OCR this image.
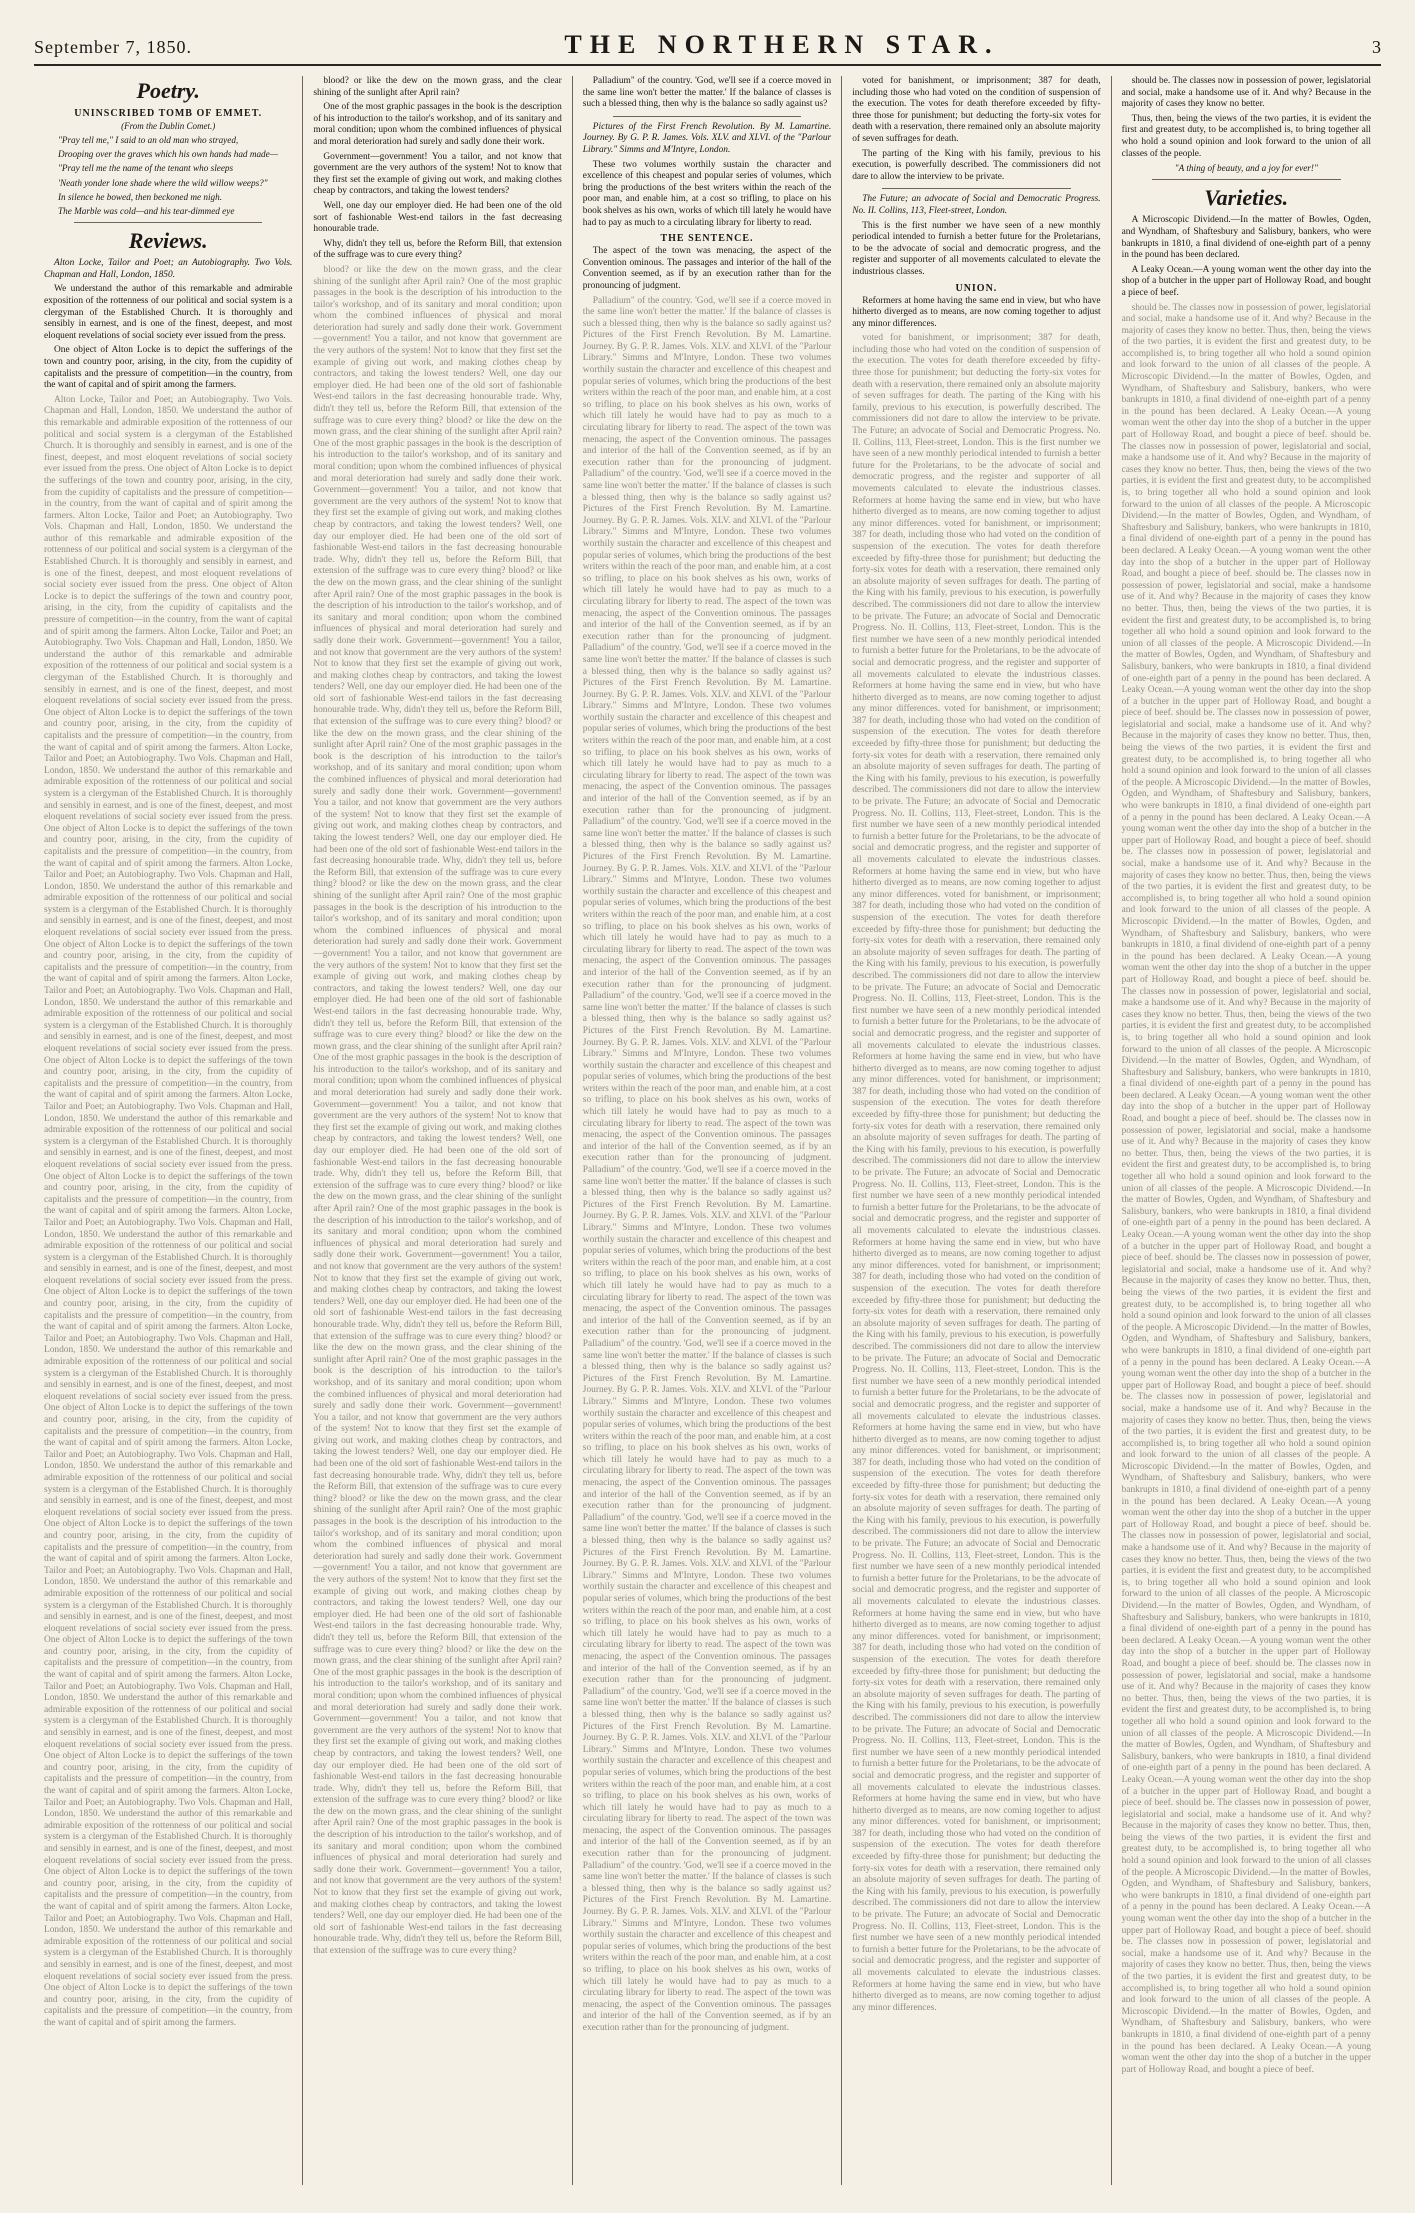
September 7, 1850.	THE NORTHERN STAR.	3
Poetry.
UNINSCRIBED TOMB OF EMMET.
(From the Dublin Comet.)

"Pray tell me," I said to an old man who strayed,

Drooping over the graves which his own hands had made—

"Pray tell me the name of the tenant who sleeps

'Neath yonder lone shade where the wild willow weeps?"

In silence he bowed, then beckoned me nigh.

The Marble was cold—and his tear-dimmed eye

Reviews.

Alton Locke, Tailor and Poet; an Autobiography. Two Vols. Chapman and Hall, London, 1850.

We understand the author of this remarkable and admirable exposition of the rottenness of our political and social system is a clergyman of the Established Church. It is thoroughly and sensibly in earnest, and is one of the finest, deepest, and most eloquent revelations of social society ever issued from the press.

One object of Alton Locke is to depict the sufferings of the town and country poor, arising, in the city, from the cupidity of capitalists and the pressure of competition—in the country, from the want of capital and of spirit among the farmers.

Alton Locke, Tailor and Poet; an Autobiography. Two Vols. Chapman and Hall, London, 1850. We understand the author of this remarkable and admirable exposition of the rottenness of our political and social system is a clergyman of the Established Church. It is thoroughly and sensibly in earnest, and is one of the finest, deepest, and most eloquent revelations of social society ever issued from the press. One object of Alton Locke is to depict the sufferings of the town and country poor, arising, in the city, from the cupidity of capitalists and the pressure of competition—in the country, from the want of capital and of spirit among the farmers. Alton Locke, Tailor and Poet; an Autobiography. Two Vols. Chapman and Hall, London, 1850. We understand the author of this remarkable and admirable exposition of the rottenness of our political and social system is a clergyman of the Established Church. It is thoroughly and sensibly in earnest, and is one of the finest, deepest, and most eloquent revelations of social society ever issued from the press. One object of Alton Locke is to depict the sufferings of the town and country poor, arising, in the city, from the cupidity of capitalists and the pressure of competition—in the country, from the want of capital and of spirit among the farmers. Alton Locke, Tailor and Poet; an Autobiography. Two Vols. Chapman and Hall, London, 1850. We understand the author of this remarkable and admirable exposition of the rottenness of our political and social system is a clergyman of the Established Church. It is thoroughly and sensibly in earnest, and is one of the finest, deepest, and most eloquent revelations of social society ever issued from the press. One object of Alton Locke is to depict the sufferings of the town and country poor, arising, in the city, from the cupidity of capitalists and the pressure of competition—in the country, from the want of capital and of spirit among the farmers. Alton Locke, Tailor and Poet; an Autobiography. Two Vols. Chapman and Hall, London, 1850. We understand the author of this remarkable and admirable exposition of the rottenness of our political and social system is a clergyman of the Established Church. It is thoroughly and sensibly in earnest, and is one of the finest, deepest, and most eloquent revelations of social society ever issued from the press. One object of Alton Locke is to depict the sufferings of the town and country poor, arising, in the city, from the cupidity of capitalists and the pressure of competition—in the country, from the want of capital and of spirit among the farmers. Alton Locke, Tailor and Poet; an Autobiography. Two Vols. Chapman and Hall, London, 1850. We understand the author of this remarkable and admirable exposition of the rottenness of our political and social system is a clergyman of the Established Church. It is thoroughly and sensibly in earnest, and is one of the finest, deepest, and most eloquent revelations of social society ever issued from the press. One object of Alton Locke is to depict the sufferings of the town and country poor, arising, in the city, from the cupidity of capitalists and the pressure of competition—in the country, from the want of capital and of spirit among the farmers. Alton Locke, Tailor and Poet; an Autobiography. Two Vols. Chapman and Hall, London, 1850. We understand the author of this remarkable and admirable exposition of the rottenness of our political and social system is a clergyman of the Established Church. It is thoroughly and sensibly in earnest, and is one of the finest, deepest, and most eloquent revelations of social society ever issued from the press. One object of Alton Locke is to depict the sufferings of the town and country poor, arising, in the city, from the cupidity of capitalists and the pressure of competition—in the country, from the want of capital and of spirit among the farmers. Alton Locke, Tailor and Poet; an Autobiography. Two Vols. Chapman and Hall, London, 1850. We understand the author of this remarkable and admirable exposition of the rottenness of our political and social system is a clergyman of the Established Church. It is thoroughly and sensibly in earnest, and is one of the finest, deepest, and most eloquent revelations of social society ever issued from the press. One object of Alton Locke is to depict the sufferings of the town and country poor, arising, in the city, from the cupidity of capitalists and the pressure of competition—in the country, from the want of capital and of spirit among the farmers. Alton Locke, Tailor and Poet; an Autobiography. Two Vols. Chapman and Hall, London, 1850. We understand the author of this remarkable and admirable exposition of the rottenness of our political and social system is a clergyman of the Established Church. It is thoroughly and sensibly in earnest, and is one of the finest, deepest, and most eloquent revelations of social society ever issued from the press. One object of Alton Locke is to depict the sufferings of the town and country poor, arising, in the city, from the cupidity of capitalists and the pressure of competition—in the country, from the want of capital and of spirit among the farmers. Alton Locke, Tailor and Poet; an Autobiography. Two Vols. Chapman and Hall, London, 1850. We understand the author of this remarkable and admirable exposition of the rottenness of our political and social system is a clergyman of the Established Church. It is thoroughly and sensibly in earnest, and is one of the finest, deepest, and most eloquent revelations of social society ever issued from the press. One object of Alton Locke is to depict the sufferings of the town and country poor, arising, in the city, from the cupidity of capitalists and the pressure of competition—in the country, from the want of capital and of spirit among the farmers. Alton Locke, Tailor and Poet; an Autobiography. Two Vols. Chapman and Hall, London, 1850. We understand the author of this remarkable and admirable exposition of the rottenness of our political and social system is a clergyman of the Established Church. It is thoroughly and sensibly in earnest, and is one of the finest, deepest, and most eloquent revelations of social society ever issued from the press. One object of Alton Locke is to depict the sufferings of the town and country poor, arising, in the city, from the cupidity of capitalists and the pressure of competition—in the country, from the want of capital and of spirit among the farmers. Alton Locke, Tailor and Poet; an Autobiography. Two Vols. Chapman and Hall, London, 1850. We understand the author of this remarkable and admirable exposition of the rottenness of our political and social system is a clergyman of the Established Church. It is thoroughly and sensibly in earnest, and is one of the finest, deepest, and most eloquent revelations of social society ever issued from the press. One object of Alton Locke is to depict the sufferings of the town and country poor, arising, in the city, from the cupidity of capitalists and the pressure of competition—in the country, from the want of capital and of spirit among the farmers. Alton Locke, Tailor and Poet; an Autobiography. Two Vols. Chapman and Hall, London, 1850. We understand the author of this remarkable and admirable exposition of the rottenness of our political and social system is a clergyman of the Established Church. It is thoroughly and sensibly in earnest, and is one of the finest, deepest, and most eloquent revelations of social society ever issued from the press. One object of Alton Locke is to depict the sufferings of the town and country poor, arising, in the city, from the cupidity of capitalists and the pressure of competition—in the country, from the want of capital and of spirit among the farmers. Alton Locke, Tailor and Poet; an Autobiography. Two Vols. Chapman and Hall, London, 1850. We understand the author of this remarkable and admirable exposition of the rottenness of our political and social system is a clergyman of the Established Church. It is thoroughly and sensibly in earnest, and is one of the finest, deepest, and most eloquent revelations of social society ever issued from the press. One object of Alton Locke is to depict the sufferings of the town and country poor, arising, in the city, from the cupidity of capitalists and the pressure of competition—in the country, from the want of capital and of spirit among the farmers. Alton Locke, Tailor and Poet; an Autobiography. Two Vols. Chapman and Hall, London, 1850. We understand the author of this remarkable and admirable exposition of the rottenness of our political and social system is a clergyman of the Established Church. It is thoroughly and sensibly in earnest, and is one of the finest, deepest, and most eloquent revelations of social society ever issued from the press. One object of Alton Locke is to depict the sufferings of the town and country poor, arising, in the city, from the cupidity of capitalists and the pressure of competition—in the country, from the want of capital and of spirit among the farmers.

blood? or like the dew on the mown grass, and the clear shining of the sunlight after April rain?

One of the most graphic passages in the book is the description of his introduction to the tailor's workshop, and of its sanitary and moral condition; upon whom the combined influences of physical and moral deterioration had surely and sadly done their work.

Government—government! You a tailor, and not know that government are the very authors of the system! Not to know that they first set the example of giving out work, and making clothes cheap by contractors, and taking the lowest tenders?

Well, one day our employer died. He had been one of the old sort of fashionable West-end tailors in the fast decreasing honourable trade.

Why, didn't they tell us, before the Reform Bill, that extension of the suffrage was to cure every thing?

blood? or like the dew on the mown grass, and the clear shining of the sunlight after April rain? One of the most graphic passages in the book is the description of his introduction to the tailor's workshop, and of its sanitary and moral condition; upon whom the combined influences of physical and moral deterioration had surely and sadly done their work. Government—government! You a tailor, and not know that government are the very authors of the system! Not to know that they first set the example of giving out work, and making clothes cheap by contractors, and taking the lowest tenders? Well, one day our employer died. He had been one of the old sort of fashionable West-end tailors in the fast decreasing honourable trade. Why, didn't they tell us, before the Reform Bill, that extension of the suffrage was to cure every thing? blood? or like the dew on the mown grass, and the clear shining of the sunlight after April rain? One of the most graphic passages in the book is the description of his introduction to the tailor's workshop, and of its sanitary and moral condition; upon whom the combined influences of physical and moral deterioration had surely and sadly done their work. Government—government! You a tailor, and not know that government are the very authors of the system! Not to know that they first set the example of giving out work, and making clothes cheap by contractors, and taking the lowest tenders? Well, one day our employer died. He had been one of the old sort of fashionable West-end tailors in the fast decreasing honourable trade. Why, didn't they tell us, before the Reform Bill, that extension of the suffrage was to cure every thing? blood? or like the dew on the mown grass, and the clear shining of the sunlight after April rain? One of the most graphic passages in the book is the description of his introduction to the tailor's workshop, and of its sanitary and moral condition; upon whom the combined influences of physical and moral deterioration had surely and sadly done their work. Government—government! You a tailor, and not know that government are the very authors of the system! Not to know that they first set the example of giving out work, and making clothes cheap by contractors, and taking the lowest tenders? Well, one day our employer died. He had been one of the old sort of fashionable West-end tailors in the fast decreasing honourable trade. Why, didn't they tell us, before the Reform Bill, that extension of the suffrage was to cure every thing? blood? or like the dew on the mown grass, and the clear shining of the sunlight after April rain? One of the most graphic passages in the book is the description of his introduction to the tailor's workshop, and of its sanitary and moral condition; upon whom the combined influences of physical and moral deterioration had surely and sadly done their work. Government—government! You a tailor, and not know that government are the very authors of the system! Not to know that they first set the example of giving out work, and making clothes cheap by contractors, and taking the lowest tenders? Well, one day our employer died. He had been one of the old sort of fashionable West-end tailors in the fast decreasing honourable trade. Why, didn't they tell us, before the Reform Bill, that extension of the suffrage was to cure every thing? blood? or like the dew on the mown grass, and the clear shining of the sunlight after April rain? One of the most graphic passages in the book is the description of his introduction to the tailor's workshop, and of its sanitary and moral condition; upon whom the combined influences of physical and moral deterioration had surely and sadly done their work. Government—government! You a tailor, and not know that government are the very authors of the system! Not to know that they first set the example of giving out work, and making clothes cheap by contractors, and taking the lowest tenders? Well, one day our employer died. He had been one of the old sort of fashionable West-end tailors in the fast decreasing honourable trade. Why, didn't they tell us, before the Reform Bill, that extension of the suffrage was to cure every thing? blood? or like the dew on the mown grass, and the clear shining of the sunlight after April rain? One of the most graphic passages in the book is the description of his introduction to the tailor's workshop, and of its sanitary and moral condition; upon whom the combined influences of physical and moral deterioration had surely and sadly done their work. Government—government! You a tailor, and not know that government are the very authors of the system! Not to know that they first set the example of giving out work, and making clothes cheap by contractors, and taking the lowest tenders? Well, one day our employer died. He had been one of the old sort of fashionable West-end tailors in the fast decreasing honourable trade. Why, didn't they tell us, before the Reform Bill, that extension of the suffrage was to cure every thing? blood? or like the dew on the mown grass, and the clear shining of the sunlight after April rain? One of the most graphic passages in the book is the description of his introduction to the tailor's workshop, and of its sanitary and moral condition; upon whom the combined influences of physical and moral deterioration had surely and sadly done their work. Government—government! You a tailor, and not know that government are the very authors of the system! Not to know that they first set the example of giving out work, and making clothes cheap by contractors, and taking the lowest tenders? Well, one day our employer died. He had been one of the old sort of fashionable West-end tailors in the fast decreasing honourable trade. Why, didn't they tell us, before the Reform Bill, that extension of the suffrage was to cure every thing? blood? or like the dew on the mown grass, and the clear shining of the sunlight after April rain? One of the most graphic passages in the book is the description of his introduction to the tailor's workshop, and of its sanitary and moral condition; upon whom the combined influences of physical and moral deterioration had surely and sadly done their work. Government—government! You a tailor, and not know that government are the very authors of the system! Not to know that they first set the example of giving out work, and making clothes cheap by contractors, and taking the lowest tenders? Well, one day our employer died. He had been one of the old sort of fashionable West-end tailors in the fast decreasing honourable trade. Why, didn't they tell us, before the Reform Bill, that extension of the suffrage was to cure every thing? blood? or like the dew on the mown grass, and the clear shining of the sunlight after April rain? One of the most graphic passages in the book is the description of his introduction to the tailor's workshop, and of its sanitary and moral condition; upon whom the combined influences of physical and moral deterioration had surely and sadly done their work. Government—government! You a tailor, and not know that government are the very authors of the system! Not to know that they first set the example of giving out work, and making clothes cheap by contractors, and taking the lowest tenders? Well, one day our employer died. He had been one of the old sort of fashionable West-end tailors in the fast decreasing honourable trade. Why, didn't they tell us, before the Reform Bill, that extension of the suffrage was to cure every thing? blood? or like the dew on the mown grass, and the clear shining of the sunlight after April rain? One of the most graphic passages in the book is the description of his introduction to the tailor's workshop, and of its sanitary and moral condition; upon whom the combined influences of physical and moral deterioration had surely and sadly done their work. Government—government! You a tailor, and not know that government are the very authors of the system! Not to know that they first set the example of giving out work, and making clothes cheap by contractors, and taking the lowest tenders? Well, one day our employer died. He had been one of the old sort of fashionable West-end tailors in the fast decreasing honourable trade. Why, didn't they tell us, before the Reform Bill, that extension of the suffrage was to cure every thing? blood? or like the dew on the mown grass, and the clear shining of the sunlight after April rain? One of the most graphic passages in the book is the description of his introduction to the tailor's workshop, and of its sanitary and moral condition; upon whom the combined influences of physical and moral deterioration had surely and sadly done their work. Government—government! You a tailor, and not know that government are the very authors of the system! Not to know that they first set the example of giving out work, and making clothes cheap by contractors, and taking the lowest tenders? Well, one day our employer died. He had been one of the old sort of fashionable West-end tailors in the fast decreasing honourable trade. Why, didn't they tell us, before the Reform Bill, that extension of the suffrage was to cure every thing?

Palladium" of the country. 'God, we'll see if a coerce moved in the same line won't better the matter.' If the balance of classes is such a blessed thing, then why is the balance so sadly against us?

Pictures of the First French Revolution. By M. Lamartine. Journey. By G. P. R. James. Vols. XLV. and XLVI. of the "Parlour Library." Simms and M'Intyre, London.

These two volumes worthily sustain the character and excellence of this cheapest and popular series of volumes, which bring the productions of the best writers within the reach of the poor man, and enable him, at a cost so trifling, to place on his book shelves as his own, works of which till lately he would have had to pay as much to a circulating library for liberty to read.

THE SENTENCE.

The aspect of the town was menacing, the aspect of the Convention ominous. The passages and interior of the hall of the Convention seemed, as if by an execution rather than for the pronouncing of judgment.

Palladium" of the country. 'God, we'll see if a coerce moved in the same line won't better the matter.' If the balance of classes is such a blessed thing, then why is the balance so sadly against us? Pictures of the First French Revolution. By M. Lamartine. Journey. By G. P. R. James. Vols. XLV. and XLVI. of the "Parlour Library." Simms and M'Intyre, London. These two volumes worthily sustain the character and excellence of this cheapest and popular series of volumes, which bring the productions of the best writers within the reach of the poor man, and enable him, at a cost so trifling, to place on his book shelves as his own, works of which till lately he would have had to pay as much to a circulating library for liberty to read. The aspect of the town was menacing, the aspect of the Convention ominous. The passages and interior of the hall of the Convention seemed, as if by an execution rather than for the pronouncing of judgment. Palladium" of the country. 'God, we'll see if a coerce moved in the same line won't better the matter.' If the balance of classes is such a blessed thing, then why is the balance so sadly against us? Pictures of the First French Revolution. By M. Lamartine. Journey. By G. P. R. James. Vols. XLV. and XLVI. of the "Parlour Library." Simms and M'Intyre, London. These two volumes worthily sustain the character and excellence of this cheapest and popular series of volumes, which bring the productions of the best writers within the reach of the poor man, and enable him, at a cost so trifling, to place on his book shelves as his own, works of which till lately he would have had to pay as much to a circulating library for liberty to read. The aspect of the town was menacing, the aspect of the Convention ominous. The passages and interior of the hall of the Convention seemed, as if by an execution rather than for the pronouncing of judgment. Palladium" of the country. 'God, we'll see if a coerce moved in the same line won't better the matter.' If the balance of classes is such a blessed thing, then why is the balance so sadly against us? Pictures of the First French Revolution. By M. Lamartine. Journey. By G. P. R. James. Vols. XLV. and XLVI. of the "Parlour Library." Simms and M'Intyre, London. These two volumes worthily sustain the character and excellence of this cheapest and popular series of volumes, which bring the productions of the best writers within the reach of the poor man, and enable him, at a cost so trifling, to place on his book shelves as his own, works of which till lately he would have had to pay as much to a circulating library for liberty to read. The aspect of the town was menacing, the aspect of the Convention ominous. The passages and interior of the hall of the Convention seemed, as if by an execution rather than for the pronouncing of judgment. Palladium" of the country. 'God, we'll see if a coerce moved in the same line won't better the matter.' If the balance of classes is such a blessed thing, then why is the balance so sadly against us? Pictures of the First French Revolution. By M. Lamartine. Journey. By G. P. R. James. Vols. XLV. and XLVI. of the "Parlour Library." Simms and M'Intyre, London. These two volumes worthily sustain the character and excellence of this cheapest and popular series of volumes, which bring the productions of the best writers within the reach of the poor man, and enable him, at a cost so trifling, to place on his book shelves as his own, works of which till lately he would have had to pay as much to a circulating library for liberty to read. The aspect of the town was menacing, the aspect of the Convention ominous. The passages and interior of the hall of the Convention seemed, as if by an execution rather than for the pronouncing of judgment. Palladium" of the country. 'God, we'll see if a coerce moved in the same line won't better the matter.' If the balance of classes is such a blessed thing, then why is the balance so sadly against us? Pictures of the First French Revolution. By M. Lamartine. Journey. By G. P. R. James. Vols. XLV. and XLVI. of the "Parlour Library." Simms and M'Intyre, London. These two volumes worthily sustain the character and excellence of this cheapest and popular series of volumes, which bring the productions of the best writers within the reach of the poor man, and enable him, at a cost so trifling, to place on his book shelves as his own, works of which till lately he would have had to pay as much to a circulating library for liberty to read. The aspect of the town was menacing, the aspect of the Convention ominous. The passages and interior of the hall of the Convention seemed, as if by an execution rather than for the pronouncing of judgment. Palladium" of the country. 'God, we'll see if a coerce moved in the same line won't better the matter.' If the balance of classes is such a blessed thing, then why is the balance so sadly against us? Pictures of the First French Revolution. By M. Lamartine. Journey. By G. P. R. James. Vols. XLV. and XLVI. of the "Parlour Library." Simms and M'Intyre, London. These two volumes worthily sustain the character and excellence of this cheapest and popular series of volumes, which bring the productions of the best writers within the reach of the poor man, and enable him, at a cost so trifling, to place on his book shelves as his own, works of which till lately he would have had to pay as much to a circulating library for liberty to read. The aspect of the town was menacing, the aspect of the Convention ominous. The passages and interior of the hall of the Convention seemed, as if by an execution rather than for the pronouncing of judgment. Palladium" of the country. 'God, we'll see if a coerce moved in the same line won't better the matter.' If the balance of classes is such a blessed thing, then why is the balance so sadly against us? Pictures of the First French Revolution. By M. Lamartine. Journey. By G. P. R. James. Vols. XLV. and XLVI. of the "Parlour Library." Simms and M'Intyre, London. These two volumes worthily sustain the character and excellence of this cheapest and popular series of volumes, which bring the productions of the best writers within the reach of the poor man, and enable him, at a cost so trifling, to place on his book shelves as his own, works of which till lately he would have had to pay as much to a circulating library for liberty to read. The aspect of the town was menacing, the aspect of the Convention ominous. The passages and interior of the hall of the Convention seemed, as if by an execution rather than for the pronouncing of judgment. Palladium" of the country. 'God, we'll see if a coerce moved in the same line won't better the matter.' If the balance of classes is such a blessed thing, then why is the balance so sadly against us? Pictures of the First French Revolution. By M. Lamartine. Journey. By G. P. R. James. Vols. XLV. and XLVI. of the "Parlour Library." Simms and M'Intyre, London. These two volumes worthily sustain the character and excellence of this cheapest and popular series of volumes, which bring the productions of the best writers within the reach of the poor man, and enable him, at a cost so trifling, to place on his book shelves as his own, works of which till lately he would have had to pay as much to a circulating library for liberty to read. The aspect of the town was menacing, the aspect of the Convention ominous. The passages and interior of the hall of the Convention seemed, as if by an execution rather than for the pronouncing of judgment. Palladium" of the country. 'God, we'll see if a coerce moved in the same line won't better the matter.' If the balance of classes is such a blessed thing, then why is the balance so sadly against us? Pictures of the First French Revolution. By M. Lamartine. Journey. By G. P. R. James. Vols. XLV. and XLVI. of the "Parlour Library." Simms and M'Intyre, London. These two volumes worthily sustain the character and excellence of this cheapest and popular series of volumes, which bring the productions of the best writers within the reach of the poor man, and enable him, at a cost so trifling, to place on his book shelves as his own, works of which till lately he would have had to pay as much to a circulating library for liberty to read. The aspect of the town was menacing, the aspect of the Convention ominous. The passages and interior of the hall of the Convention seemed, as if by an execution rather than for the pronouncing of judgment. Palladium" of the country. 'God, we'll see if a coerce moved in the same line won't better the matter.' If the balance of classes is such a blessed thing, then why is the balance so sadly against us? Pictures of the First French Revolution. By M. Lamartine. Journey. By G. P. R. James. Vols. XLV. and XLVI. of the "Parlour Library." Simms and M'Intyre, London. These two volumes worthily sustain the character and excellence of this cheapest and popular series of volumes, which bring the productions of the best writers within the reach of the poor man, and enable him, at a cost so trifling, to place on his book shelves as his own, works of which till lately he would have had to pay as much to a circulating library for liberty to read. The aspect of the town was menacing, the aspect of the Convention ominous. The passages and interior of the hall of the Convention seemed, as if by an execution rather than for the pronouncing of judgment.

voted for banishment, or imprisonment; 387 for death, including those who had voted on the condition of suspension of the execution. The votes for death therefore exceeded by fifty-three those for punishment; but deducting the forty-six votes for death with a reservation, there remained only an absolute majority of seven suffrages for death.

The parting of the King with his family, previous to his execution, is powerfully described. The commissioners did not dare to allow the interview to be private.

The Future; an advocate of Social and Democratic Progress. No. II. Collins, 113, Fleet-street, London.

This is the first number we have seen of a new monthly periodical intended to furnish a better future for the Proletarians, to be the advocate of social and democratic progress, and the register and supporter of all movements calculated to elevate the industrious classes.

UNION.

Reformers at home having the same end in view, but who have hitherto diverged as to means, are now coming together to adjust any minor differences.

voted for banishment, or imprisonment; 387 for death, including those who had voted on the condition of suspension of the execution. The votes for death therefore exceeded by fifty-three those for punishment; but deducting the forty-six votes for death with a reservation, there remained only an absolute majority of seven suffrages for death. The parting of the King with his family, previous to his execution, is powerfully described. The commissioners did not dare to allow the interview to be private. The Future; an advocate of Social and Democratic Progress. No. II. Collins, 113, Fleet-street, London. This is the first number we have seen of a new monthly periodical intended to furnish a better future for the Proletarians, to be the advocate of social and democratic progress, and the register and supporter of all movements calculated to elevate the industrious classes. Reformers at home having the same end in view, but who have hitherto diverged as to means, are now coming together to adjust any minor differences. voted for banishment, or imprisonment; 387 for death, including those who had voted on the condition of suspension of the execution. The votes for death therefore exceeded by fifty-three those for punishment; but deducting the forty-six votes for death with a reservation, there remained only an absolute majority of seven suffrages for death. The parting of the King with his family, previous to his execution, is powerfully described. The commissioners did not dare to allow the interview to be private. The Future; an advocate of Social and Democratic Progress. No. II. Collins, 113, Fleet-street, London. This is the first number we have seen of a new monthly periodical intended to furnish a better future for the Proletarians, to be the advocate of social and democratic progress, and the register and supporter of all movements calculated to elevate the industrious classes. Reformers at home having the same end in view, but who have hitherto diverged as to means, are now coming together to adjust any minor differences. voted for banishment, or imprisonment; 387 for death, including those who had voted on the condition of suspension of the execution. The votes for death therefore exceeded by fifty-three those for punishment; but deducting the forty-six votes for death with a reservation, there remained only an absolute majority of seven suffrages for death. The parting of the King with his family, previous to his execution, is powerfully described. The commissioners did not dare to allow the interview to be private. The Future; an advocate of Social and Democratic Progress. No. II. Collins, 113, Fleet-street, London. This is the first number we have seen of a new monthly periodical intended to furnish a better future for the Proletarians, to be the advocate of social and democratic progress, and the register and supporter of all movements calculated to elevate the industrious classes. Reformers at home having the same end in view, but who have hitherto diverged as to means, are now coming together to adjust any minor differences. voted for banishment, or imprisonment; 387 for death, including those who had voted on the condition of suspension of the execution. The votes for death therefore exceeded by fifty-three those for punishment; but deducting the forty-six votes for death with a reservation, there remained only an absolute majority of seven suffrages for death. The parting of the King with his family, previous to his execution, is powerfully described. The commissioners did not dare to allow the interview to be private. The Future; an advocate of Social and Democratic Progress. No. II. Collins, 113, Fleet-street, London. This is the first number we have seen of a new monthly periodical intended to furnish a better future for the Proletarians, to be the advocate of social and democratic progress, and the register and supporter of all movements calculated to elevate the industrious classes. Reformers at home having the same end in view, but who have hitherto diverged as to means, are now coming together to adjust any minor differences. voted for banishment, or imprisonment; 387 for death, including those who had voted on the condition of suspension of the execution. The votes for death therefore exceeded by fifty-three those for punishment; but deducting the forty-six votes for death with a reservation, there remained only an absolute majority of seven suffrages for death. The parting of the King with his family, previous to his execution, is powerfully described. The commissioners did not dare to allow the interview to be private. The Future; an advocate of Social and Democratic Progress. No. II. Collins, 113, Fleet-street, London. This is the first number we have seen of a new monthly periodical intended to furnish a better future for the Proletarians, to be the advocate of social and democratic progress, and the register and supporter of all movements calculated to elevate the industrious classes. Reformers at home having the same end in view, but who have hitherto diverged as to means, are now coming together to adjust any minor differences. voted for banishment, or imprisonment; 387 for death, including those who had voted on the condition of suspension of the execution. The votes for death therefore exceeded by fifty-three those for punishment; but deducting the forty-six votes for death with a reservation, there remained only an absolute majority of seven suffrages for death. The parting of the King with his family, previous to his execution, is powerfully described. The commissioners did not dare to allow the interview to be private. The Future; an advocate of Social and Democratic Progress. No. II. Collins, 113, Fleet-street, London. This is the first number we have seen of a new monthly periodical intended to furnish a better future for the Proletarians, to be the advocate of social and democratic progress, and the register and supporter of all movements calculated to elevate the industrious classes. Reformers at home having the same end in view, but who have hitherto diverged as to means, are now coming together to adjust any minor differences. voted for banishment, or imprisonment; 387 for death, including those who had voted on the condition of suspension of the execution. The votes for death therefore exceeded by fifty-three those for punishment; but deducting the forty-six votes for death with a reservation, there remained only an absolute majority of seven suffrages for death. The parting of the King with his family, previous to his execution, is powerfully described. The commissioners did not dare to allow the interview to be private. The Future; an advocate of Social and Democratic Progress. No. II. Collins, 113, Fleet-street, London. This is the first number we have seen of a new monthly periodical intended to furnish a better future for the Proletarians, to be the advocate of social and democratic progress, and the register and supporter of all movements calculated to elevate the industrious classes. Reformers at home having the same end in view, but who have hitherto diverged as to means, are now coming together to adjust any minor differences. voted for banishment, or imprisonment; 387 for death, including those who had voted on the condition of suspension of the execution. The votes for death therefore exceeded by fifty-three those for punishment; but deducting the forty-six votes for death with a reservation, there remained only an absolute majority of seven suffrages for death. The parting of the King with his family, previous to his execution, is powerfully described. The commissioners did not dare to allow the interview to be private. The Future; an advocate of Social and Democratic Progress. No. II. Collins, 113, Fleet-street, London. This is the first number we have seen of a new monthly periodical intended to furnish a better future for the Proletarians, to be the advocate of social and democratic progress, and the register and supporter of all movements calculated to elevate the industrious classes. Reformers at home having the same end in view, but who have hitherto diverged as to means, are now coming together to adjust any minor differences. voted for banishment, or imprisonment; 387 for death, including those who had voted on the condition of suspension of the execution. The votes for death therefore exceeded by fifty-three those for punishment; but deducting the forty-six votes for death with a reservation, there remained only an absolute majority of seven suffrages for death. The parting of the King with his family, previous to his execution, is powerfully described. The commissioners did not dare to allow the interview to be private. The Future; an advocate of Social and Democratic Progress. No. II. Collins, 113, Fleet-street, London. This is the first number we have seen of a new monthly periodical intended to furnish a better future for the Proletarians, to be the advocate of social and democratic progress, and the register and supporter of all movements calculated to elevate the industrious classes. Reformers at home having the same end in view, but who have hitherto diverged as to means, are now coming together to adjust any minor differences.

should be. The classes now in possession of power, legislatorial and social, make a handsome use of it. And why? Because in the majority of cases they know no better.

Thus, then, being the views of the two parties, it is evident the first and greatest duty, to be accomplished is, to bring together all who hold a sound opinion and look forward to the union of all classes of the people.

"A thing of beauty, and a joy for ever!"

Varieties.

A Microscopic Dividend.—In the matter of Bowles, Ogden, and Wyndham, of Shaftesbury and Salisbury, bankers, who were bankrupts in 1810, a final dividend of one-eighth part of a penny in the pound has been declared.

A Leaky Ocean.—A young woman went the other day into the shop of a butcher in the upper part of Holloway Road, and bought a piece of beef.

should be. The classes now in possession of power, legislatorial and social, make a handsome use of it. And why? Because in the majority of cases they know no better. Thus, then, being the views of the two parties, it is evident the first and greatest duty, to be accomplished is, to bring together all who hold a sound opinion and look forward to the union of all classes of the people. A Microscopic Dividend.—In the matter of Bowles, Ogden, and Wyndham, of Shaftesbury and Salisbury, bankers, who were bankrupts in 1810, a final dividend of one-eighth part of a penny in the pound has been declared. A Leaky Ocean.—A young woman went the other day into the shop of a butcher in the upper part of Holloway Road, and bought a piece of beef. should be. The classes now in possession of power, legislatorial and social, make a handsome use of it. And why? Because in the majority of cases they know no better. Thus, then, being the views of the two parties, it is evident the first and greatest duty, to be accomplished is, to bring together all who hold a sound opinion and look forward to the union of all classes of the people. A Microscopic Dividend.—In the matter of Bowles, Ogden, and Wyndham, of Shaftesbury and Salisbury, bankers, who were bankrupts in 1810, a final dividend of one-eighth part of a penny in the pound has been declared. A Leaky Ocean.—A young woman went the other day into the shop of a butcher in the upper part of Holloway Road, and bought a piece of beef. should be. The classes now in possession of power, legislatorial and social, make a handsome use of it. And why? Because in the majority of cases they know no better. Thus, then, being the views of the two parties, it is evident the first and greatest duty, to be accomplished is, to bring together all who hold a sound opinion and look forward to the union of all classes of the people. A Microscopic Dividend.—In the matter of Bowles, Ogden, and Wyndham, of Shaftesbury and Salisbury, bankers, who were bankrupts in 1810, a final dividend of one-eighth part of a penny in the pound has been declared. A Leaky Ocean.—A young woman went the other day into the shop of a butcher in the upper part of Holloway Road, and bought a piece of beef. should be. The classes now in possession of power, legislatorial and social, make a handsome use of it. And why? Because in the majority of cases they know no better. Thus, then, being the views of the two parties, it is evident the first and greatest duty, to be accomplished is, to bring together all who hold a sound opinion and look forward to the union of all classes of the people. A Microscopic Dividend.—In the matter of Bowles, Ogden, and Wyndham, of Shaftesbury and Salisbury, bankers, who were bankrupts in 1810, a final dividend of one-eighth part of a penny in the pound has been declared. A Leaky Ocean.—A young woman went the other day into the shop of a butcher in the upper part of Holloway Road, and bought a piece of beef. should be. The classes now in possession of power, legislatorial and social, make a handsome use of it. And why? Because in the majority of cases they know no better. Thus, then, being the views of the two parties, it is evident the first and greatest duty, to be accomplished is, to bring together all who hold a sound opinion and look forward to the union of all classes of the people. A Microscopic Dividend.—In the matter of Bowles, Ogden, and Wyndham, of Shaftesbury and Salisbury, bankers, who were bankrupts in 1810, a final dividend of one-eighth part of a penny in the pound has been declared. A Leaky Ocean.—A young woman went the other day into the shop of a butcher in the upper part of Holloway Road, and bought a piece of beef. should be. The classes now in possession of power, legislatorial and social, make a handsome use of it. And why? Because in the majority of cases they know no better. Thus, then, being the views of the two parties, it is evident the first and greatest duty, to be accomplished is, to bring together all who hold a sound opinion and look forward to the union of all classes of the people. A Microscopic Dividend.—In the matter of Bowles, Ogden, and Wyndham, of Shaftesbury and Salisbury, bankers, who were bankrupts in 1810, a final dividend of one-eighth part of a penny in the pound has been declared. A Leaky Ocean.—A young woman went the other day into the shop of a butcher in the upper part of Holloway Road, and bought a piece of beef. should be. The classes now in possession of power, legislatorial and social, make a handsome use of it. And why? Because in the majority of cases they know no better. Thus, then, being the views of the two parties, it is evident the first and greatest duty, to be accomplished is, to bring together all who hold a sound opinion and look forward to the union of all classes of the people. A Microscopic Dividend.—In the matter of Bowles, Ogden, and Wyndham, of Shaftesbury and Salisbury, bankers, who were bankrupts in 1810, a final dividend of one-eighth part of a penny in the pound has been declared. A Leaky Ocean.—A young woman went the other day into the shop of a butcher in the upper part of Holloway Road, and bought a piece of beef. should be. The classes now in possession of power, legislatorial and social, make a handsome use of it. And why? Because in the majority of cases they know no better. Thus, then, being the views of the two parties, it is evident the first and greatest duty, to be accomplished is, to bring together all who hold a sound opinion and look forward to the union of all classes of the people. A Microscopic Dividend.—In the matter of Bowles, Ogden, and Wyndham, of Shaftesbury and Salisbury, bankers, who were bankrupts in 1810, a final dividend of one-eighth part of a penny in the pound has been declared. A Leaky Ocean.—A young woman went the other day into the shop of a butcher in the upper part of Holloway Road, and bought a piece of beef. should be. The classes now in possession of power, legislatorial and social, make a handsome use of it. And why? Because in the majority of cases they know no better. Thus, then, being the views of the two parties, it is evident the first and greatest duty, to be accomplished is, to bring together all who hold a sound opinion and look forward to the union of all classes of the people. A Microscopic Dividend.—In the matter of Bowles, Ogden, and Wyndham, of Shaftesbury and Salisbury, bankers, who were bankrupts in 1810, a final dividend of one-eighth part of a penny in the pound has been declared. A Leaky Ocean.—A young woman went the other day into the shop of a butcher in the upper part of Holloway Road, and bought a piece of beef. should be. The classes now in possession of power, legislatorial and social, make a handsome use of it. And why? Because in the majority of cases they know no better. Thus, then, being the views of the two parties, it is evident the first and greatest duty, to be accomplished is, to bring together all who hold a sound opinion and look forward to the union of all classes of the people. A Microscopic Dividend.—In the matter of Bowles, Ogden, and Wyndham, of Shaftesbury and Salisbury, bankers, who were bankrupts in 1810, a final dividend of one-eighth part of a penny in the pound has been declared. A Leaky Ocean.—A young woman went the other day into the shop of a butcher in the upper part of Holloway Road, and bought a piece of beef. should be. The classes now in possession of power, legislatorial and social, make a handsome use of it. And why? Because in the majority of cases they know no better. Thus, then, being the views of the two parties, it is evident the first and greatest duty, to be accomplished is, to bring together all who hold a sound opinion and look forward to the union of all classes of the people. A Microscopic Dividend.—In the matter of Bowles, Ogden, and Wyndham, of Shaftesbury and Salisbury, bankers, who were bankrupts in 1810, a final dividend of one-eighth part of a penny in the pound has been declared. A Leaky Ocean.—A young woman went the other day into the shop of a butcher in the upper part of Holloway Road, and bought a piece of beef. should be. The classes now in possession of power, legislatorial and social, make a handsome use of it. And why? Because in the majority of cases they know no better. Thus, then, being the views of the two parties, it is evident the first and greatest duty, to be accomplished is, to bring together all who hold a sound opinion and look forward to the union of all classes of the people. A Microscopic Dividend.—In the matter of Bowles, Ogden, and Wyndham, of Shaftesbury and Salisbury, bankers, who were bankrupts in 1810, a final dividend of one-eighth part of a penny in the pound has been declared. A Leaky Ocean.—A young woman went the other day into the shop of a butcher in the upper part of Holloway Road, and bought a piece of beef. should be. The classes now in possession of power, legislatorial and social, make a handsome use of it. And why? Because in the majority of cases they know no better. Thus, then, being the views of the two parties, it is evident the first and greatest duty, to be accomplished is, to bring together all who hold a sound opinion and look forward to the union of all classes of the people. A Microscopic Dividend.—In the matter of Bowles, Ogden, and Wyndham, of Shaftesbury and Salisbury, bankers, who were bankrupts in 1810, a final dividend of one-eighth part of a penny in the pound has been declared. A Leaky Ocean.—A young woman went the other day into the shop of a butcher in the upper part of Holloway Road, and bought a piece of beef.
